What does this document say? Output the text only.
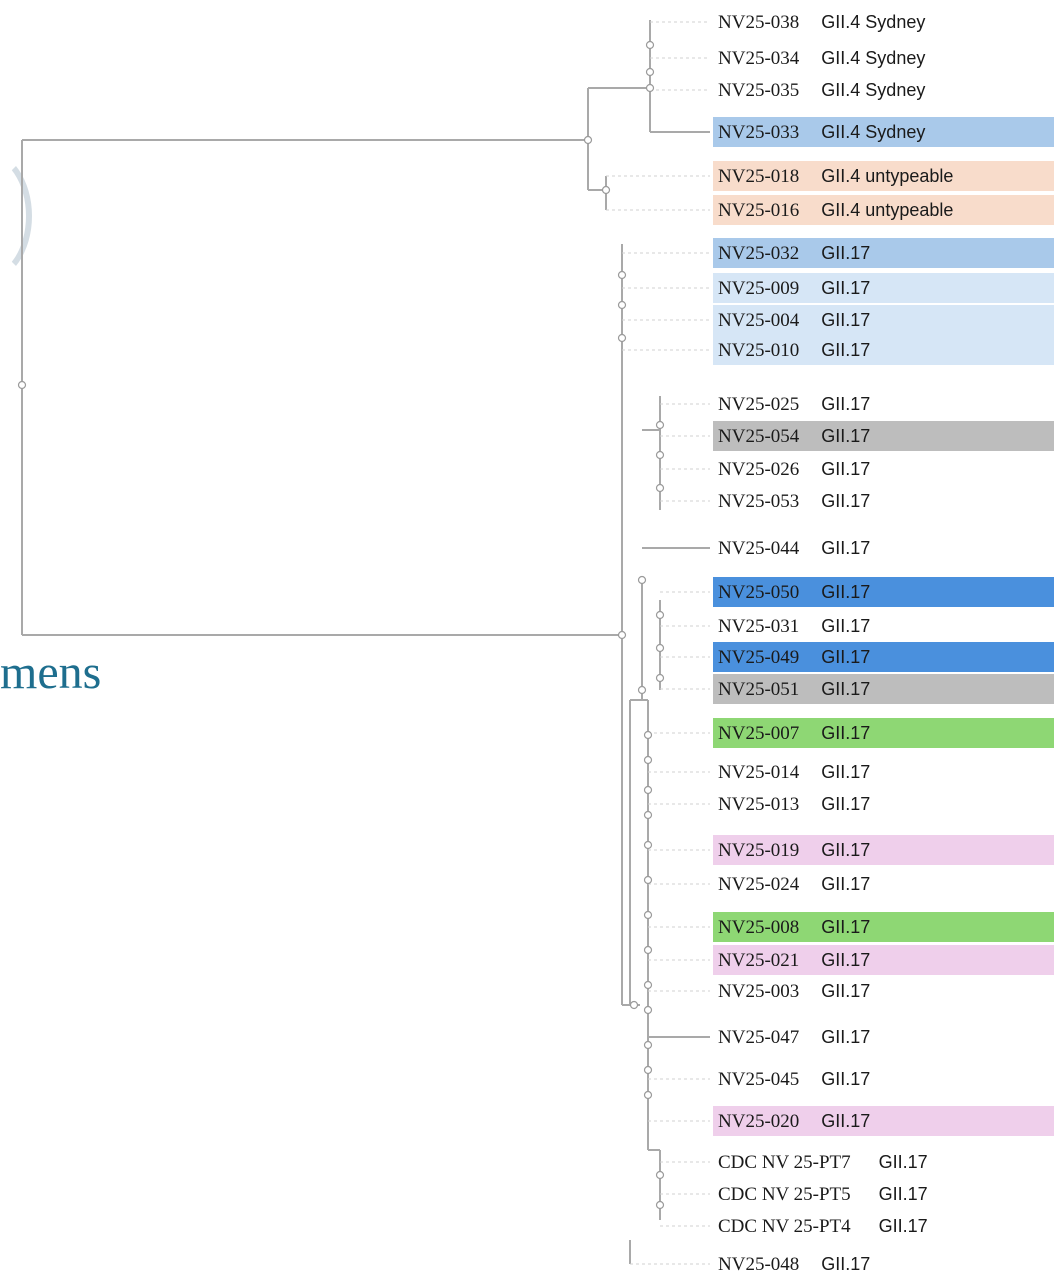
NV25-038 GII.4 Sydney
NV25-034 GII.4 Sydney
NV25-035 GII.4 Sydney
NV25-033 GII.4 Sydney
NV25-018 GII.4 untypeable
NV25-016 GII.4 untypeable
NV25-032 GII.17
NV25-009 GII.17
NV25-004 GII.17
NV25-010 GII.17
NV25-025 GII.17
NV25-054 GII.17
NV25-026 GII.17
NV25-053 GII.17
NV25-044 GII.17
NV25-050 GII.17
NV25-031 GII.17
NV25-049 GII.17
NV25-051 GII.17
NV25-007 GII.17
NV25-014 GII.17
NV25-013 GII.17
NV25-019 GII.17
NV25-024 GII.17
NV25-008 GII.17
NV25-021 GII.17
NV25-003 GII.17
NV25-047 GII.17
NV25-045 GII.17
NV25-020 GII.17
CDC NV 25-PT7 GII.17
CDC NV 25-PT5 GII.17
CDC NV 25-PT4 GII.17
NV25-048 GII.17
mens
